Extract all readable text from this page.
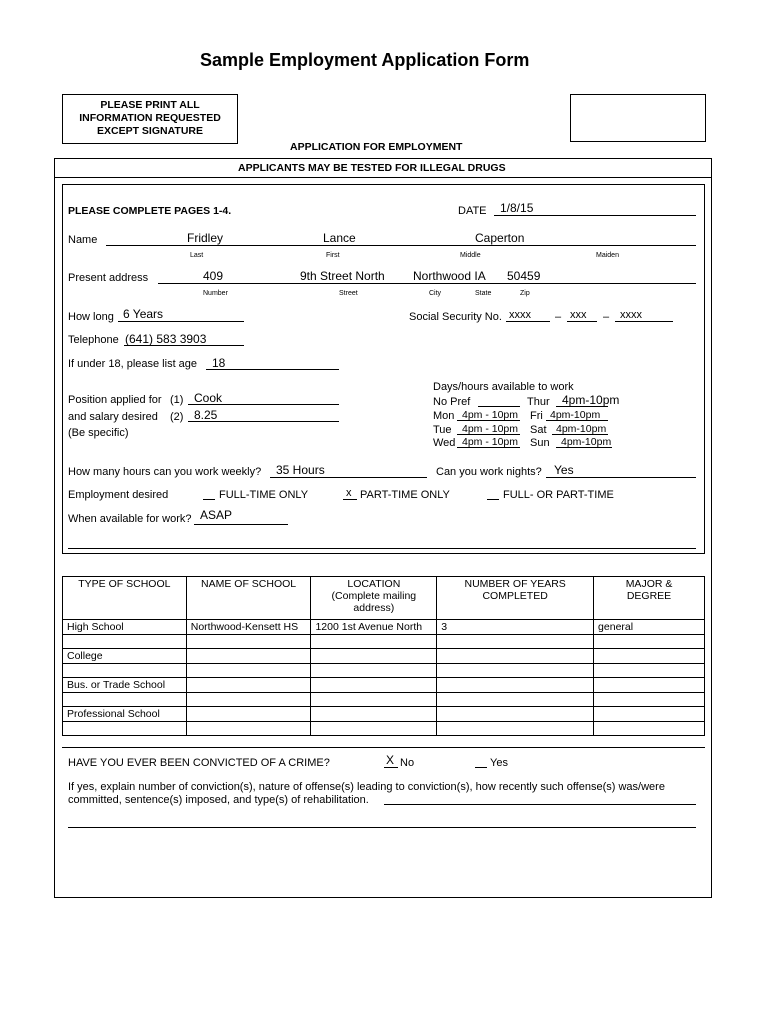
Sample Employment Application Form
PLEASE PRINT ALL
INFORMATION REQUESTED
EXCEPT SIGNATURE
APPLICATION FOR EMPLOYMENT
APPLICANTS MAY BE TESTED FOR ILLEGAL DRUGS
PLEASE COMPLETE PAGES 1-4.	DATE 1/8/15
Name	Fridley	Lance	Caperton
Last	First	Middle	Maiden
Present address	409	9th Street North Northwood IA 50459
Number	Street	City	State	Zip
How long 6 Years	Social Security No. xxxx – xxx – xxxx
Telephone (641) 583 3903
If under 18, please list age 18
Position applied for (1) Cook
and salary desired (2) 8.25
(Be specific)
Days/hours available to work
No Pref	Thur 4pm-10pm
Mon 4pm - 10pm Fri 4pm-10pm
Tue 4pm - 10pm Sat 4pm-10pm
Wed 4pm - 10pm Sun 4pm-10pm
How many hours can you work weekly? 35 Hours	Can you work nights? Yes
Employment desired	FULL-TIME ONLY	x PART-TIME ONLY	FULL- OR PART-TIME
When available for work? ASAP
TYPE OF SCHOOL	NAME OF SCHOOL	LOCATION (Complete mailing address)	NUMBER OF YEARS COMPLETED	MAJOR & DEGREE
High School	Northwood-Kensett HS	1200 1st Avenue North	3	general

College				

Bus. or Trade School				

Professional School				

HAVE YOU EVER BEEN CONVICTED OF A CRIME?	X No	Yes
If yes, explain number of conviction(s), nature of offense(s) leading to conviction(s), how recently such offense(s) was/were
committed, sentence(s) imposed, and type(s) of rehabilitation.
